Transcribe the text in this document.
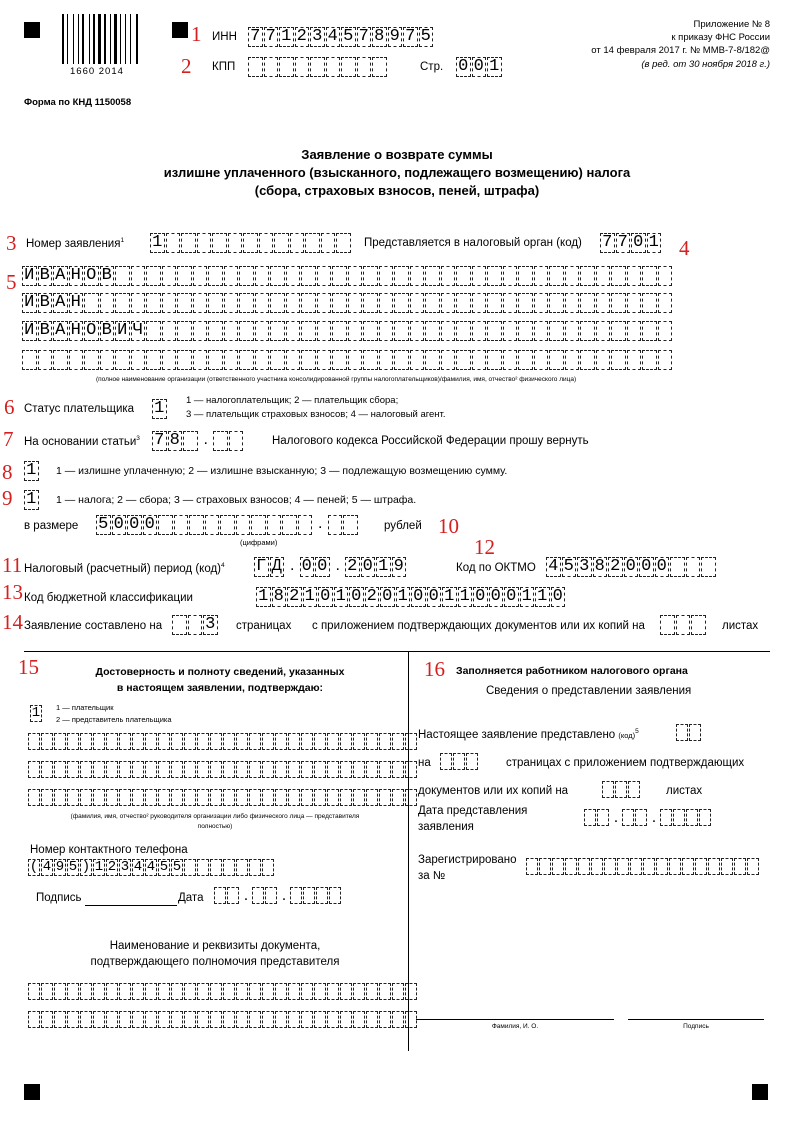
1660 2014
1
2
3	4
5
6
7
8
9
10
11
12
13
14
15	16
ИНН 7 7 1 2 3 4 5 7 8 9 7 5
КПП	Стр. 0 0 1
Приложение № 8
к приказу ФНС России
от 14 февраля 2017 г. № ММВ-7-8/182@
(в ред. от 30 ноября 2018 г.)
Форма по КНД 1150058
Заявление о возврате суммы
излишне уплаченного (взысканного, подлежащего возмещению) налога
(сбора, страховых взносов, пеней, штрафа)
Номер заявления$^1$ 1	Представляется в налоговый орган (код) 7 7 0 1
И В А Н О В
И В А Н
И В А Н О В И Ч
(полное наименование организации (ответственного участника консолидированной группы налогоплательщиков)/фамилия, имя, отчество² физического лица)
Статус плательщика 1 1 — налогоплательщик; 2 — плательщик сбора;
3 — плательщик страховых взносов; 4 — налоговый агент.
На основании статьи$^3$ 7 8	.	Налогового кодекса Российской Федерации прошу вернуть
1 1 — излишне уплаченную; 2 — излишне взысканную; 3 — подлежащую возмещению сумму.
1 1 — налога; 2 — сбора; 3 — страховых взносов; 4 — пеней; 5 — штрафа.
в размере 5 0 0 0	.
(цифрами)
рублей
Налоговый (расчетный) период (код)$^4$ Г Д . 0 0 . 2 0 1 9	Код по ОКТМО 4 5 3 8 2 0 0 0
Код бюджетной классификации	1 8 2 1 0 1 0 2 0 1 0 0 1 1 0 0 0 1 1 0
Заявление составлено на	3 страницах с приложением подтверждающих документов или их копий на	листах
Достоверность и полноту сведений, указанных
в настоящем заявлении, подтверждаю:
1 1 — плательщик
2 — представитель плательщика
(фамилия, имя, отчество² руководителя организации либо физического лица — представителя
полностью)
Номер контактного телефона
( 4 9 5 ) 1 2 3 4 4 5 5
Подпись	Дата	. .
Наименование и реквизиты документа,
подтверждающего полномочия представителя
Заполняется работником налогового органа
Сведения о представлении заявления
Настоящее заявление представлено (код)$^5$
на	страницах с приложением подтверждающих
документов или их копий на	листах
Дата представления
заявления
. .
Зарегистрировано
за №
Фамилия, И. О.	Подпись
